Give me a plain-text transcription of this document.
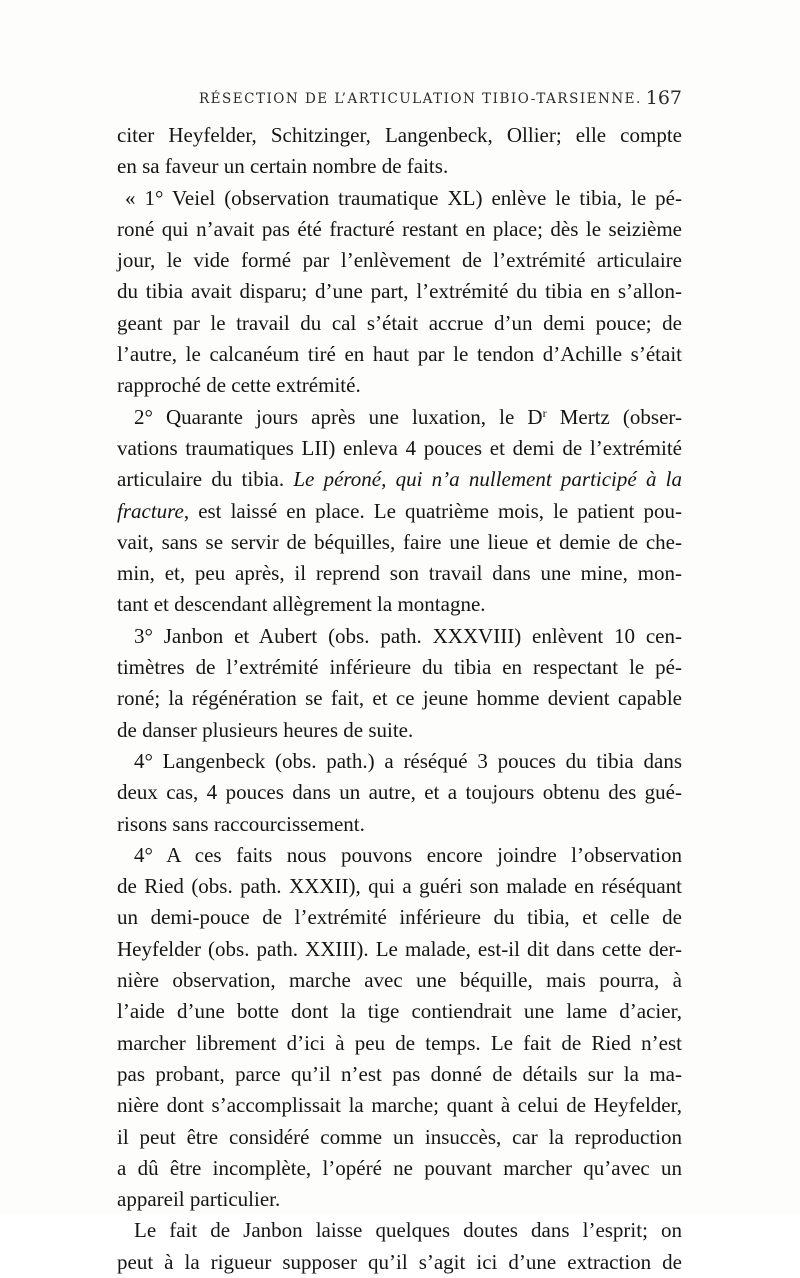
RÉSECTION DE L’ARTICULATION TIBIO-TARSIENNE. 167
citer Heyfelder, Schitzinger, Langenbeck, Ollier; elle compte
en sa faveur un certain nombre de faits.
« 1° Veiel (observation traumatique XL) enlève le tibia, le pé-
roné qui n’avait pas été fracturé restant en place; dès le seizième
jour, le vide formé par l’enlèvement de l’extrémité articulaire
du tibia avait disparu; d’une part, l’extrémité du tibia en s’allon-
geant par le travail du cal s’était accrue d’un demi pouce; de
l’autre, le calcanéum tiré en haut par le tendon d’Achille s’était
rapproché de cette extrémité.
2° Quarante jours après une luxation, le $D^r$ Mertz (obser-
vations traumatiques LII) enleva 4 pouces et demi de l’extrémité
articulaire du tibia. Le péroné, qui n’a nullement participé à la
fracture, est laissé en place. Le quatrième mois, le patient pou-
vait, sans se servir de béquilles, faire une lieue et demie de che-
min, et, peu après, il reprend son travail dans une mine, mon-
tant et descendant allègrement la montagne.
3° Janbon et Aubert (obs. path. XXXVIII) enlèvent 10 cen-
timètres de l’extrémité inférieure du tibia en respectant le pé-
roné; la régénération se fait, et ce jeune homme devient capable
de danser plusieurs heures de suite.
4° Langenbeck (obs. path.) a réséqué 3 pouces du tibia dans
deux cas, 4 pouces dans un autre, et a toujours obtenu des gué-
risons sans raccourcissement.
4° A ces faits nous pouvons encore joindre l’observation
de Ried (obs. path. XXXII), qui a guéri son malade en réséquant
un demi-pouce de l’extrémité inférieure du tibia, et celle de
Heyfelder (obs. path. XXIII). Le malade, est-il dit dans cette der-
nière observation, marche avec une béquille, mais pourra, à
l’aide d’une botte dont la tige contiendrait une lame d’acier,
marcher librement d’ici à peu de temps. Le fait de Ried n’est
pas probant, parce qu’il n’est pas donné de détails sur la ma-
nière dont s’accomplissait la marche; quant à celui de Heyfelder,
il peut être considéré comme un insuccès, car la reproduction
a dû être incomplète, l’opéré ne pouvant marcher qu’avec un
appareil particulier.
Le fait de Janbon laisse quelques doutes dans l’esprit; on
peut à la rigueur supposer qu’il s’agit ici d’une extraction de
